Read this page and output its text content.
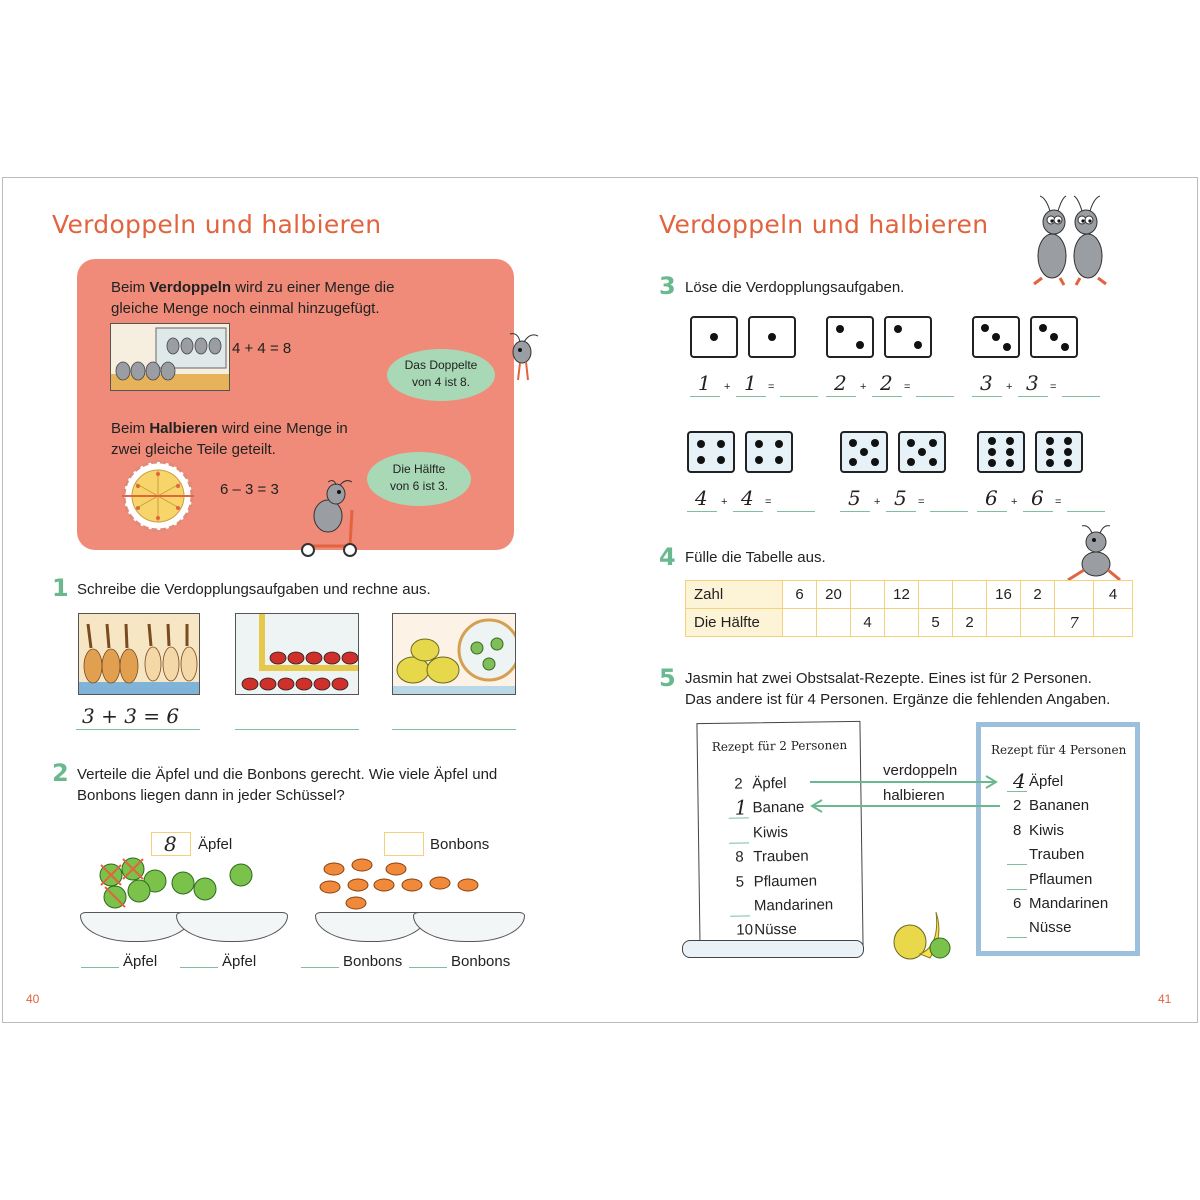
Verdoppeln und halbieren
Beim Verdoppeln wird zu einer Menge die gleiche Menge noch einmal hinzugefügt.
4 + 4 = 8
Das Doppelte
von 4 ist 8.
Beim Halbieren wird eine Menge in zwei gleiche Teile geteilt.
6 – 3 = 3
Die Hälfte
von 6 ist 3.
1 Schreibe die Verdopplungsaufgaben und rechne aus.
3 + 3 = 6
2 Verteile die Äpfel und die Bonbons gerecht. Wie viele Äpfel und
Bonbons liegen dann in jeder Schüssel?
8 Äpfel	Bonbons
Äpfel	Äpfel	Bonbons	Bonbons
40
Verdoppeln und halbieren
3 Löse die Verdopplungsaufgaben.
1 + 1 =	2 + 2 =	3 + 3 =
4 + 4 =	5 + 5 =	6 + 6 =
4 Fülle die Tabelle aus.
Zahl	6	20		12			16	2		4
Die Hälfte			4		5	2			7	
5 Jasmin hat zwei Obstsalat-Rezepte. Eines ist für 2 Personen.
Das andere ist für 4 Personen. Ergänze die fehlenden Angaben.
Rezept für 2 Personen
2 Äpfel
1 Banane
Kiwis
8 Trauben
5 Pflaumen
Mandarinen
10 Nüsse
Rezept für 4 Personen
4 Äpfel
2 Bananen
8 Kiwis
Trauben
Pflaumen
6 Mandarinen
Nüsse
verdoppeln
halbieren
41
